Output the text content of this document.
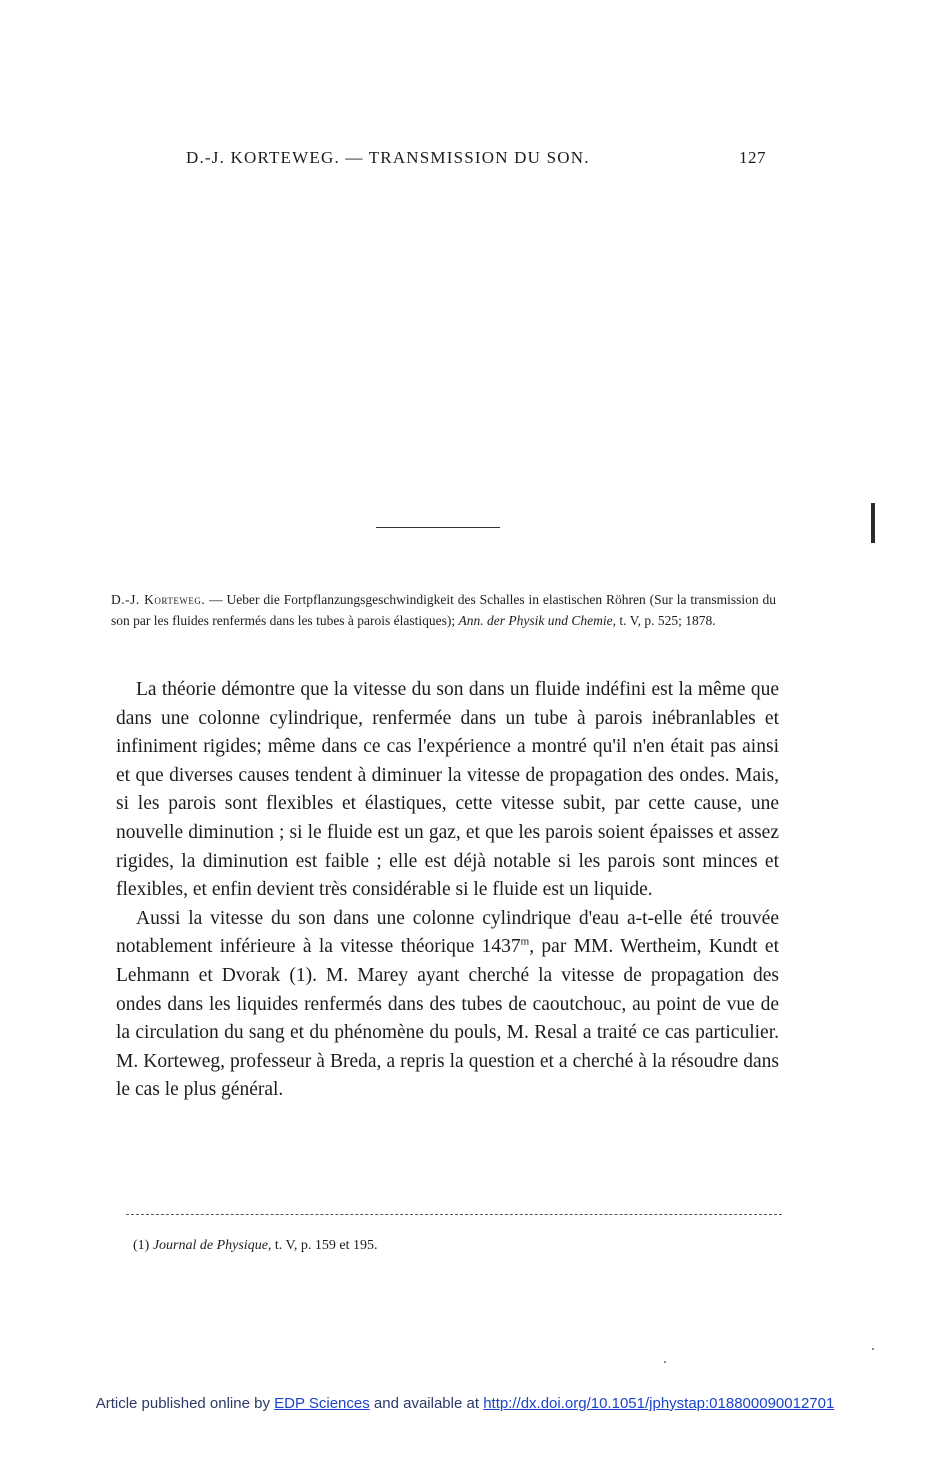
D.-J. KORTEWEG. — TRANSMISSION DU SON.	127
D.-J. Korteweg. — Ueber die Fortpflanzungsgeschwindigkeit des Schalles in elastischen Röhren (Sur la transmission du son par les fluides renfermés dans les tubes à parois élastiques); Ann. der Physik und Chemie, t. V, p. 525; 1878.

La théorie démontre que la vitesse du son dans un fluide indéfini est la même que dans une colonne cylindrique, renfermée dans un tube à parois inébranlables et infiniment rigides; même dans ce cas l'expérience a montré qu'il n'en était pas ainsi et que diverses causes tendent à diminuer la vitesse de propagation des ondes. Mais, si les parois sont flexibles et élastiques, cette vitesse subit, par cette cause, une nouvelle diminution ; si le fluide est un gaz, et que les parois soient épaisses et assez rigides, la diminution est faible ; elle est déjà notable si les parois sont minces et flexibles, et enfin devient très considérable si le fluide est un liquide.

Aussi la vitesse du son dans une colonne cylindrique d'eau a-t-elle été trouvée notablement inférieure à la vitesse théorique 1437$^m$, par MM. Wertheim, Kundt et Lehmann et Dvorak (1). M. Marey ayant cherché la vitesse de propagation des ondes dans les liquides renfermés dans des tubes de caoutchouc, au point de vue de la circulation du sang et du phénomène du pouls, M. Resal a traité ce cas particulier. M. Korteweg, professeur à Breda, a repris la question et a cherché à la résoudre dans le cas le plus général.

(1) Journal de Physique, t. V, p. 159 et 195.
Article published online by EDP Sciences and available at http://dx.doi.org/10.1051/jphystap:018800090012701
